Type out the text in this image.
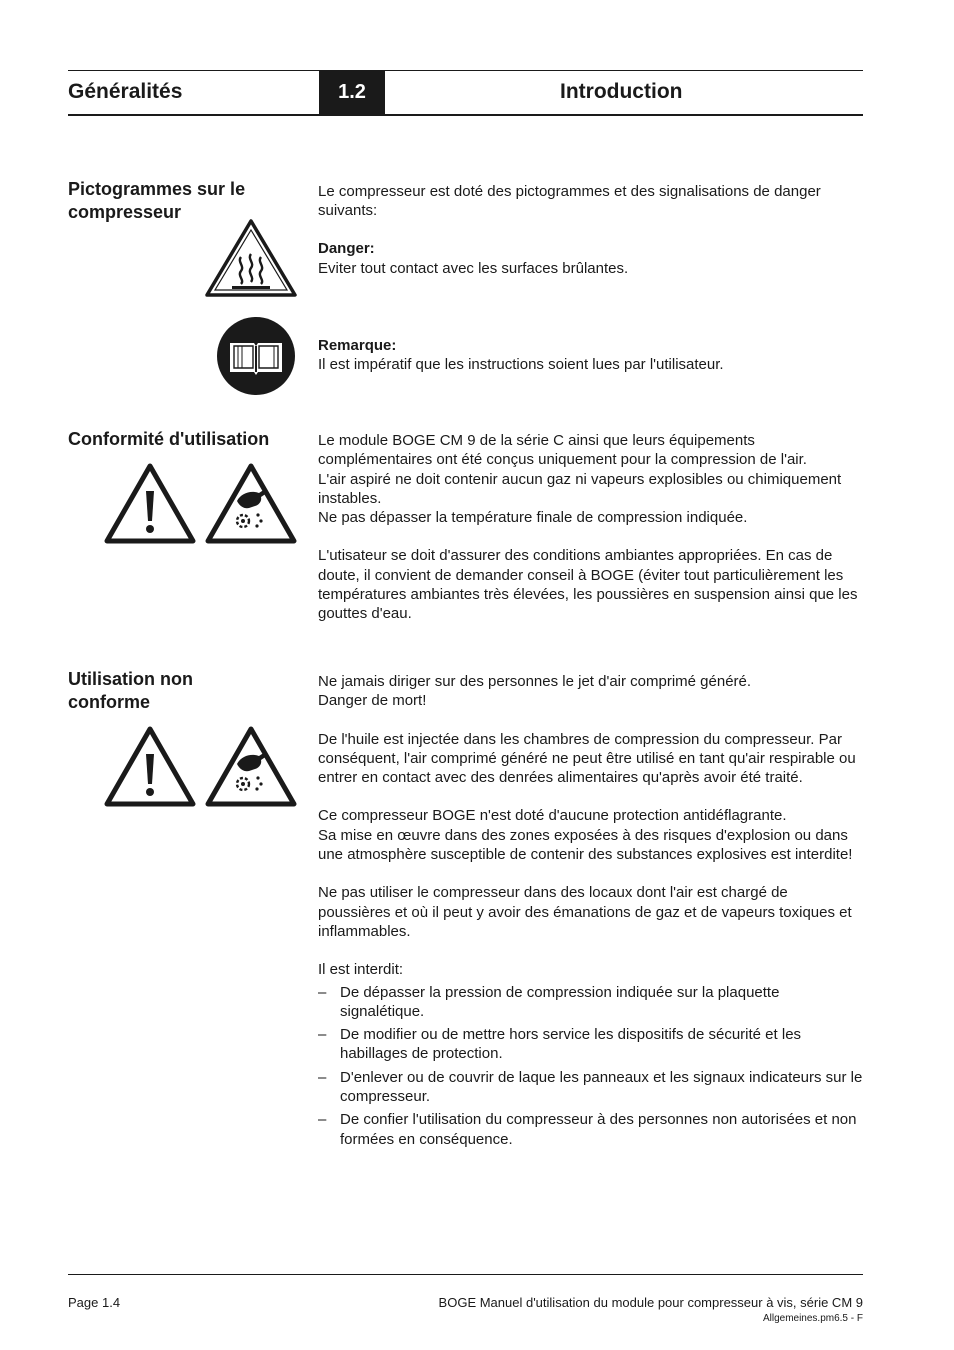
Généralités	1.2	Introduction
Pictogrammes sur le compresseur
Le compresseur est doté des pictogrammes et des signalisations de danger suivants:
Danger:
Eviter tout contact avec les surfaces brûlantes.
Remarque:
Il est impératif que les instructions soient lues par l'utilisateur.
Conformité d'utilisation	Le module BOGE CM 9 de la série C ainsi que leurs équipements complémentaires ont été conçus uniquement pour la compression de l'air.

L'air aspiré ne doit contenir aucun gaz ni vapeurs explosibles ou chimiquement instables.

Ne pas dépasser la température finale de compression indiquée.

L'utisateur se doit d'assurer des conditions ambiantes appropriées. En cas de doute, il convient de demander conseil à BOGE (éviter tout particulièrement les températures ambiantes très élevées, les poussières en suspension ainsi que les gouttes d'eau.

Utilisation non conforme

Ne jamais diriger sur des personnes le jet d'air comprimé généré.

Danger de mort!

De l'huile est injectée dans les chambres de compression du compresseur. Par conséquent, l'air comprimé généré ne peut être utilisé en tant qu'air respirable ou entrer en contact avec des denrées alimentaires qu'après avoir été traité.

Ce compresseur BOGE n'est doté d'aucune protection antidéflagrante.

Sa mise en œuvre dans des zones exposées à des risques d'explosion ou dans une atmosphère susceptible de contenir des substances explosives est interdite!

Ne pas utiliser le compresseur dans des locaux dont l'air est chargé de poussières et où il peut y avoir des émanations de gaz et de vapeurs toxiques et inflammables.

Il est interdit:

– De dépasser la pression de compression indiquée sur la plaquette signalétique.
– De modifier ou de mettre hors service les dispositifs de sécurité et les habillages de protection.
– D'enlever ou de couvrir de laque les panneaux et les signaux indicateurs sur le compresseur.
– De confier l'utilisation du compresseur à des personnes non autorisées et non formées en conséquence.
Page 1.4	BOGE Manuel d'utilisation du module pour compresseur à vis, série CM 9
Allgemeines.pm6.5 - F
